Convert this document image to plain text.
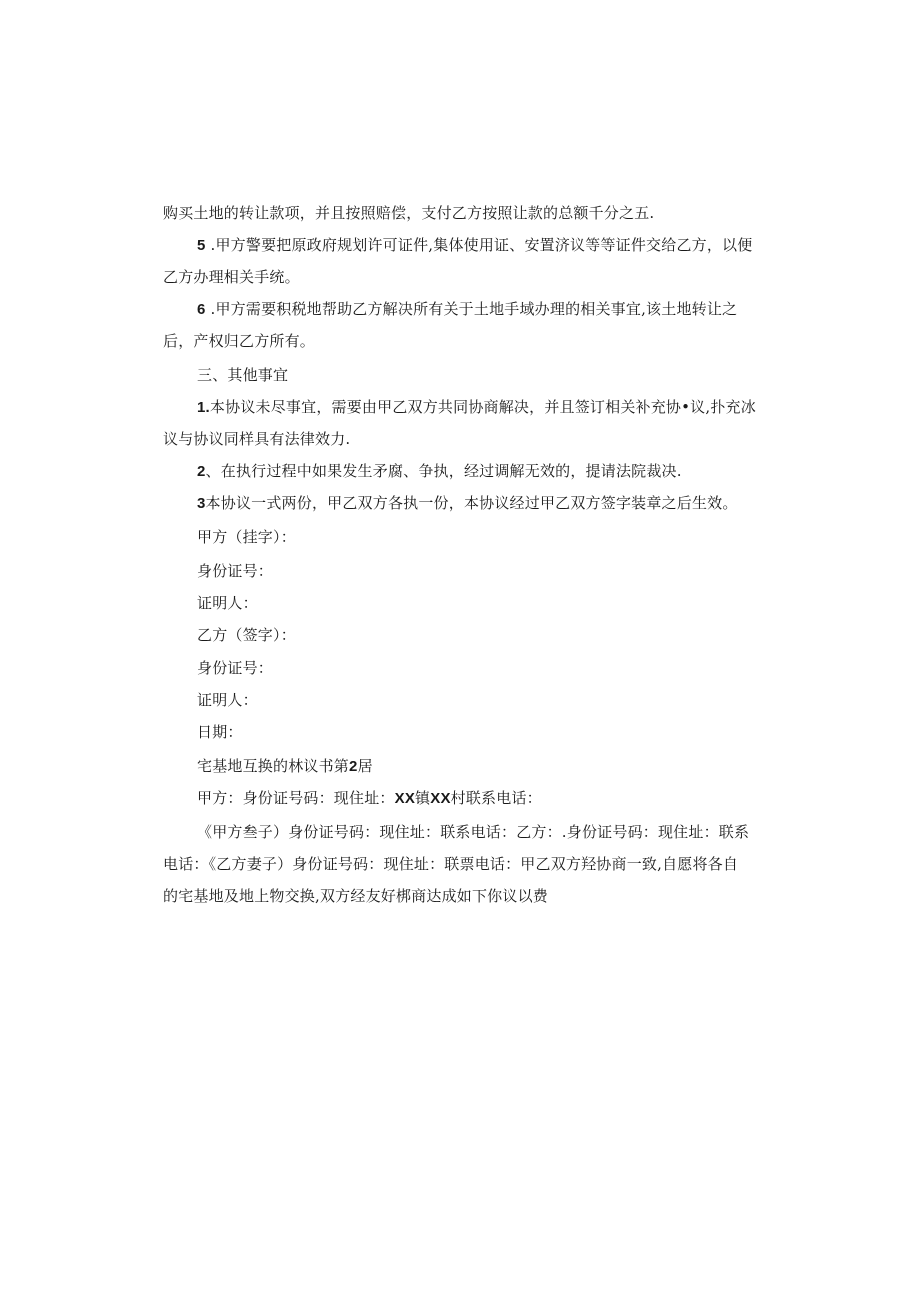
购买土地的转让款项，并且按照赔偿，支付乙方按照让款的总额千分之五.
5 .甲方警要把原政府规划许可证件,集体使用证、安置济议等等证件交给乙方，以便
乙方办理相关手统。
6 .甲方需要积税地帮助乙方解决所有关于土地手域办理的相关事宜,该土地转让之
后，产权归乙方所有。
三、其他事宜
1.本协议未尽事宜，需要由甲乙双方共同协商解决，并且签订相关补充协•议,扑充冰
议与协议同样具有法律效力.
2、在执行过程中如果发生矛腐、争执，经过调解无效的，提请法院裁决.
3本协议一式两份，甲乙双方各执一份，本协议经过甲乙双方签字装章之后生效。
甲方（挂字）：
身份证号：
证明人：
乙方（签字）：
身份证号：
证明人：
日期：
宅基地互换的林议书第2居
甲方：身份证号码：现住址：XX镇XX村联系电话：
《甲方叁子）身份证号码：现住址：联系电话：乙方：.身份证号码：现住址：联系
电话：《乙方妻子）身份证号码：现住址：联票电话：甲乙双方羟协商一致,自愿将各自
的宅基地及地上物交换,双方经友好梆商达成如下你议以费
